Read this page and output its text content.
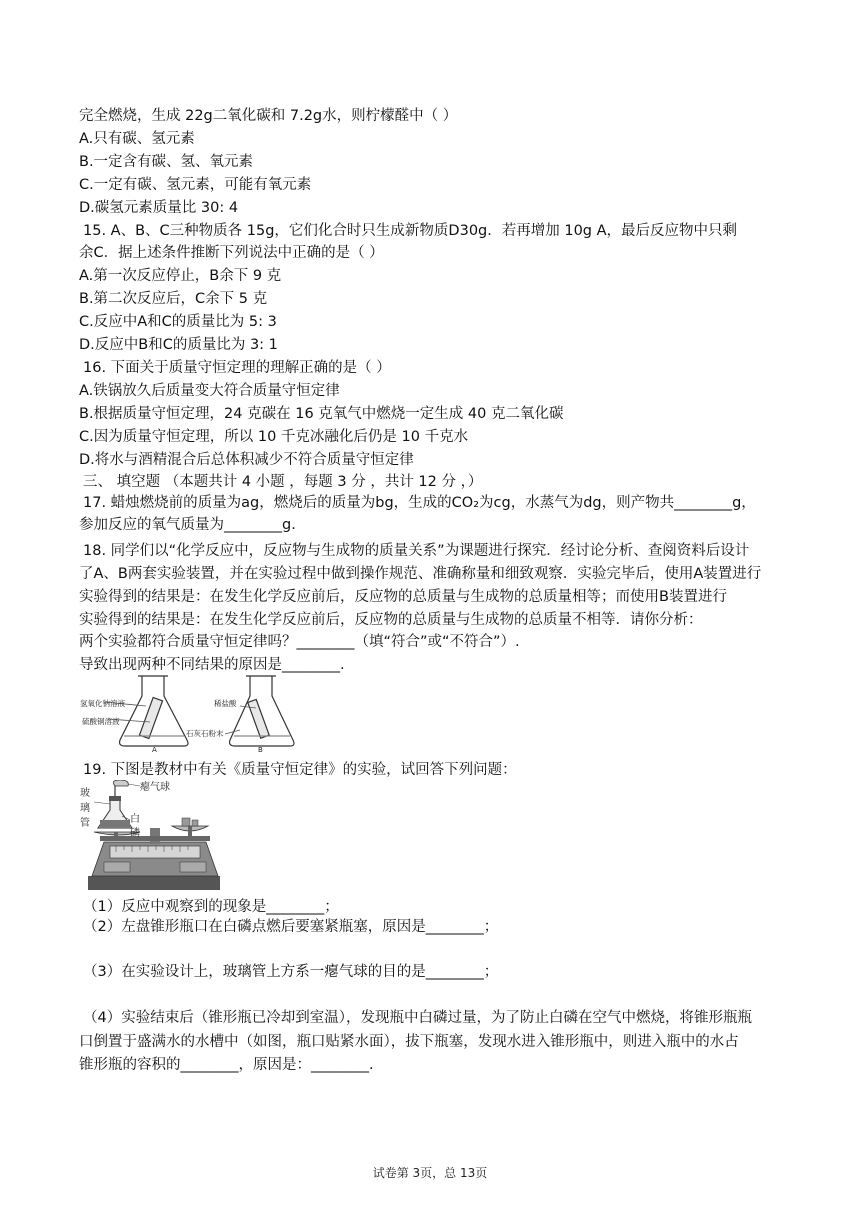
完全燃烧，生成 22g二氧化碳和 7.2g水，则柠檬醛中（ ）
A.只有碳、氢元素
B.一定含有碳、氢、氧元素
C.一定有碳、氢元素，可能有氧元素
D.碳氢元素质量比 30: 4
15. A、B、C三种物质各 15g，它们化合时只生成新物质D30g．若再增加 10g A，最后反应物中只剩
余C．据上述条件推断下列说法中正确的是（ ）
A.第一次反应停止，B余下 9 克
B.第二次反应后，C余下 5 克
C.反应中A和C的质量比为 5: 3
D.反应中B和C的质量比为 3: 1
16. 下面关于质量守恒定理的理解正确的是（ ）
A.铁锅放久后质量变大符合质量守恒定律
B.根据质量守恒定理，24 克碳在 16 克氧气中燃烧一定生成 40 克二氧化碳
C.因为质量守恒定理，所以 10 千克冰融化后仍是 10 千克水
D.将水与酒精混合后总体积减少不符合质量守恒定律
三、 填空题 （本题共计 4 小题 ，每题 3 分 ，共计 12 分 ，）
17. 蜡烛燃烧前的质量为ag，燃烧后的质量为bg，生成的CO₂为cg，水蒸气为dg，则产物共________g，
参加反应的氧气质量为________g．
18. 同学们以“化学反应中，反应物与生成物的质量关系”为课题进行探究．经讨论分析、查阅资料后设计
了A、B两套实验装置，并在实验过程中做到操作规范、准确称量和细致观察．实验完毕后，使用A装置进行
实验得到的结果是：在发生化学反应前后，反应物的总质量与生成物的总质量相等；而使用B装置进行
实验得到的结果是：在发生化学反应前后，反应物的总质量与生成物的总质量不相等．请你分析：
两个实验都符合质量守恒定律吗？________（填“符合”或“不符合”）.
导致出现两种不同结果的原因是________.
氢氧化钠溶液
硫酸铜溶液
A
稀盐酸
石灰石粉末
B
19. 下图是教材中有关《质量守恒定律》的实验，试回答下列问题：
瘪气球
玻
璃
管	白
磷
（1）反应中观察到的现象是________；
（2）左盘锥形瓶口在白磷点燃后要塞紧瓶塞，原因是________；
（3）在实验设计上，玻璃管上方系一瘪气球的目的是________；
（4）实验结束后（锥形瓶已冷却到室温），发现瓶中白磷过量，为了防止白磷在空气中燃烧，将锥形瓶瓶
口倒置于盛满水的水槽中（如图，瓶口贴紧水面），拔下瓶塞，发现水进入锥形瓶中，则进入瓶中的水占
锥形瓶的容积的________，原因是：________.
试卷第 3页，总 13页
